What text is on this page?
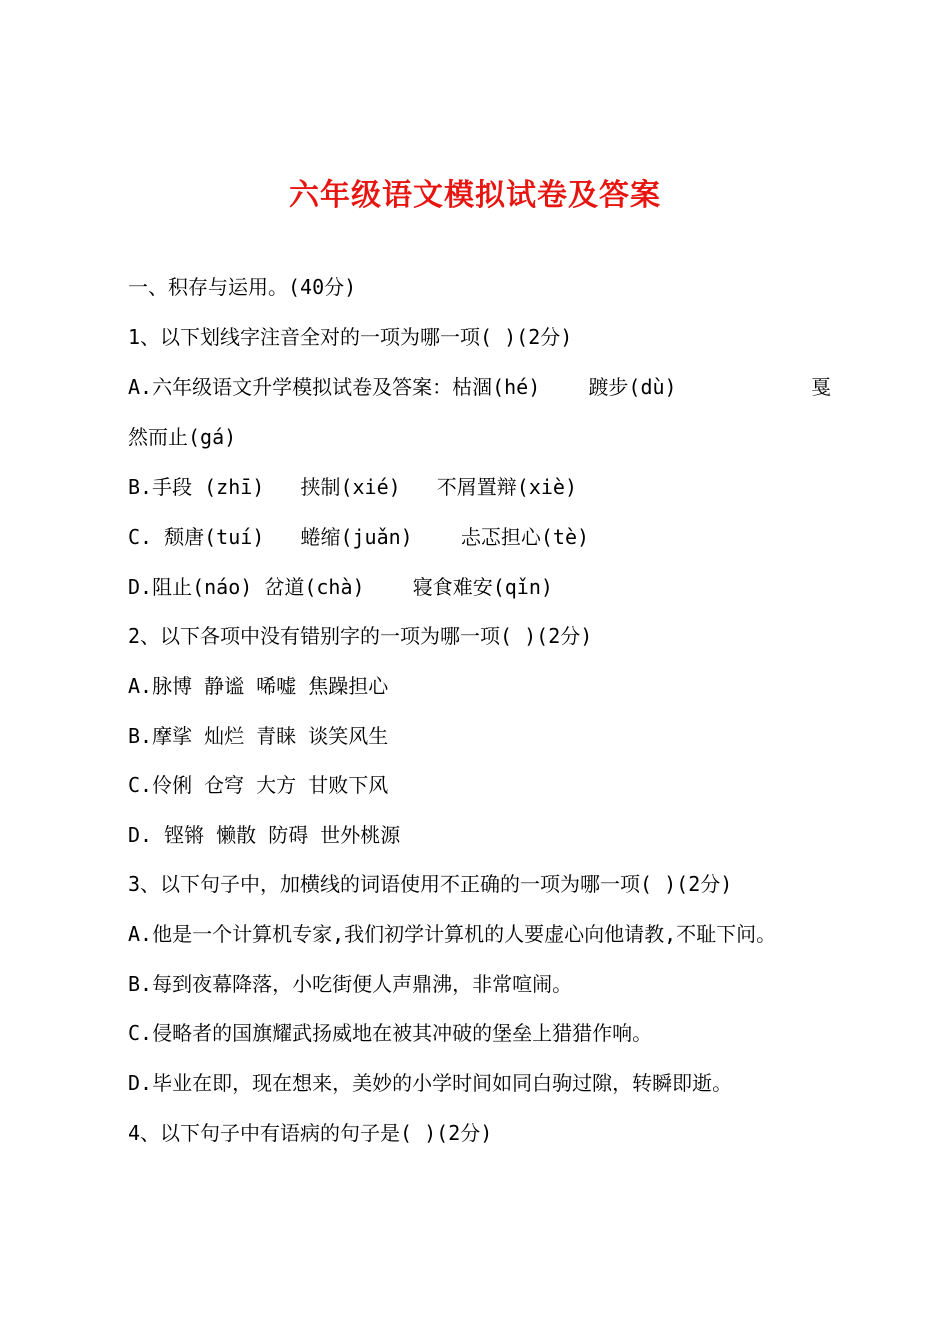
六年级语文模拟试卷及答案
一、积存与运用。(40分)
1、以下划线字注音全对的一项为哪一项( )(2分)
A.六年级语文升学模拟试卷及答案：枯涸(hé)    踱步(dù)	戛
然而止(gá)
B.手段 (zhī)   挟制(xié)   不屑置辩(xiè)
C. 颓唐(tuí)   蜷缩(juǎn)    忐忑担心(tè)
D.阻止(náo) 岔道(chà)    寝食难安(qǐn)
2、以下各项中没有错别字的一项为哪一项( )(2分)
A.脉博 静谧 唏嘘 焦躁担心
B.摩挲 灿烂 青睐 谈笑风生
C.伶俐 仓穹 大方 甘败下风
D. 铿锵 懒散 防碍 世外桃源
3、以下句子中，加横线的词语使用不正确的一项为哪一项( )(2分)
A.他是一个计算机专家,我们初学计算机的人要虚心向他请教,不耻下问。
B.每到夜幕降落，小吃街便人声鼎沸，非常喧闹。
C.侵略者的国旗耀武扬威地在被其冲破的堡垒上猎猎作响。
D.毕业在即，现在想来，美妙的小学时间如同白驹过隙，转瞬即逝。
4、以下句子中有语病的句子是( )(2分)
